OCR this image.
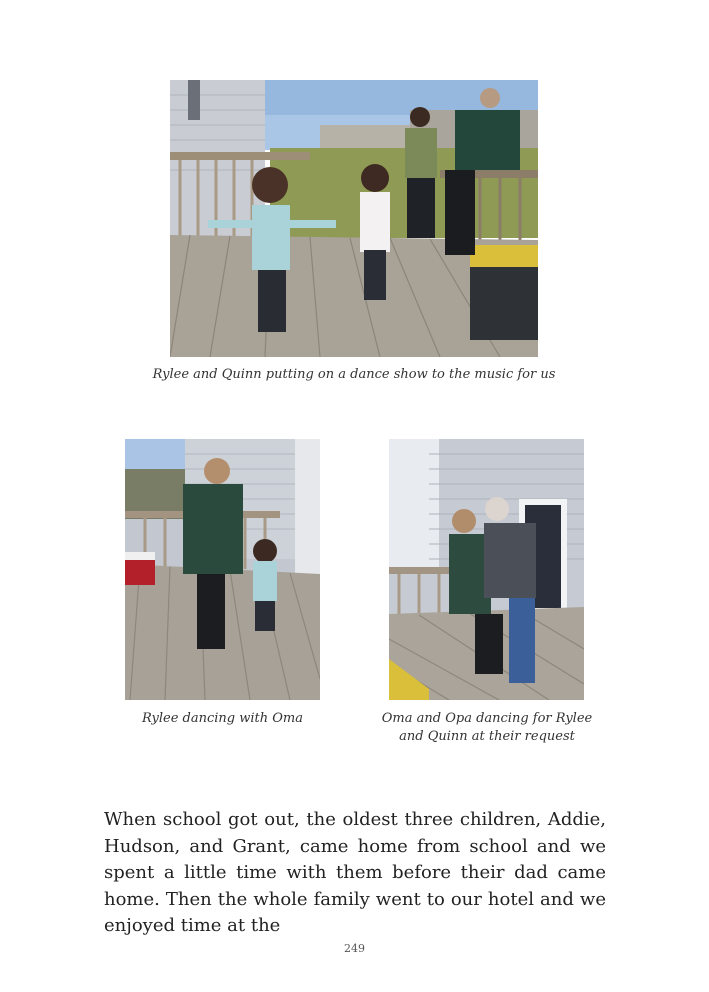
Rylee and Quinn putting on a dance show to the music for us
Rylee dancing with Oma	Oma and Opa dancing for Rylee and Quinn at their request

When school got out, the oldest three children, Addie, Hudson, and Grant, came home from school and we spent a little time with them before their dad came home. Then the whole family went to our hotel and we enjoyed time at the

249
